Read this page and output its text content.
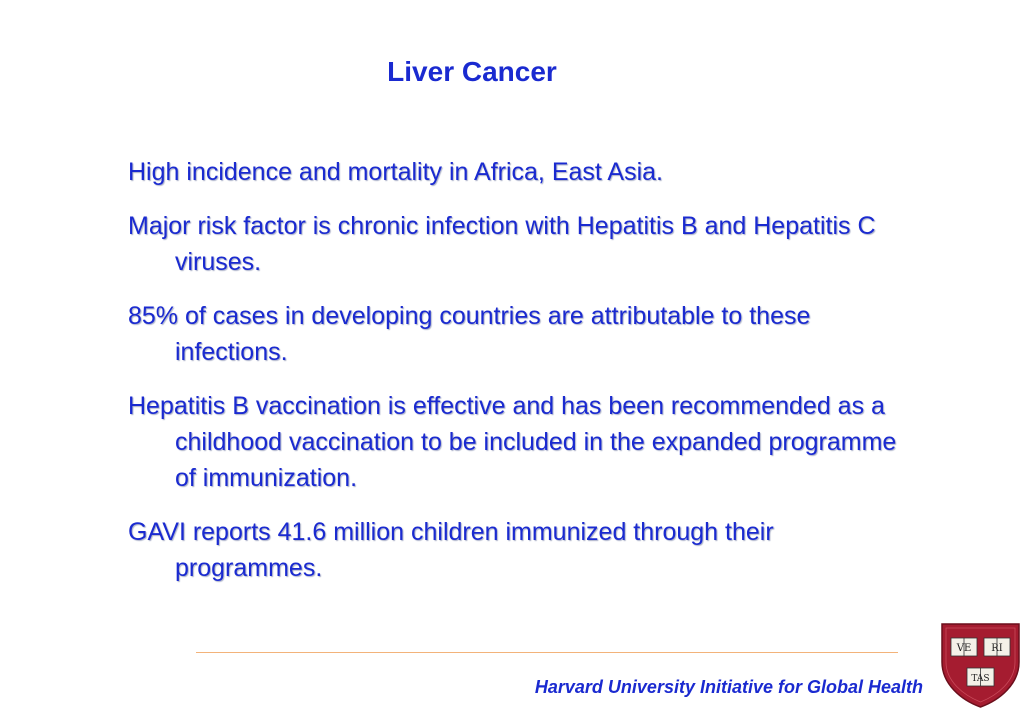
Liver Cancer
High incidence and mortality in Africa, East Asia.
Major risk factor is chronic infection with Hepatitis B and Hepatitis C viruses.
85% of cases in developing countries are attributable to these infections.
Hepatitis B vaccination is effective and has been recommended as a childhood vaccination to be included in the expanded programme of immunization.
GAVI reports 41.6 million children immunized through their programmes.
Harvard University Initiative for Global Health
VE RI
TAS
